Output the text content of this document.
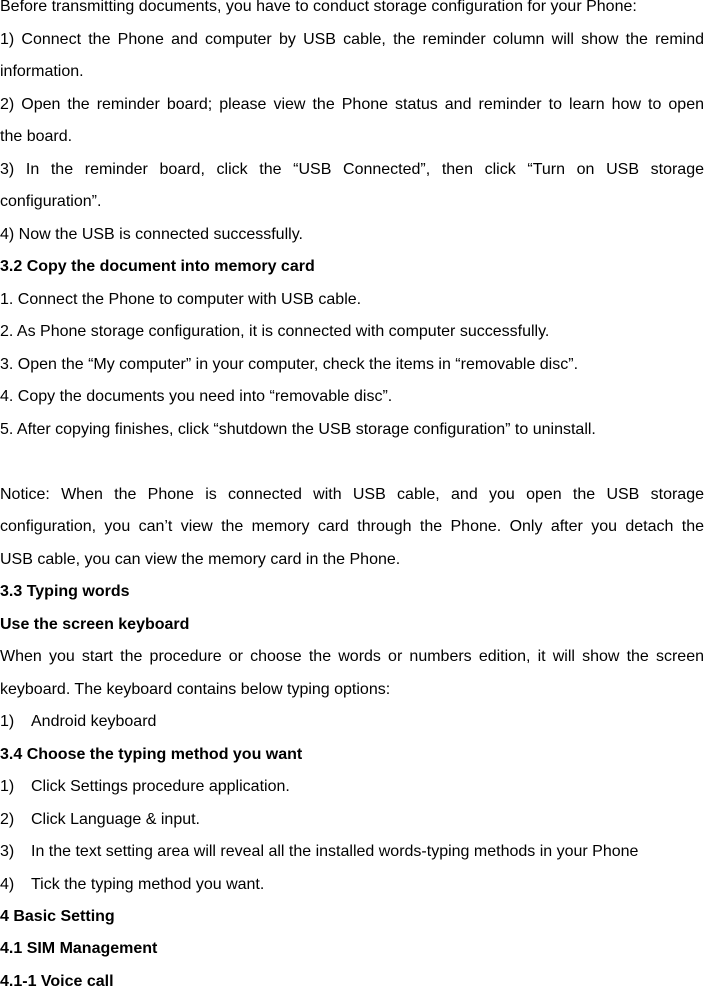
Before transmitting documents, you have to conduct storage configuration for your Phone:

1) Connect the Phone and computer by USB cable, the reminder column will show the remind

information.

2) Open the reminder board; please view the Phone status and reminder to learn how to open

the board.

3) In the reminder board, click the “USB Connected”, then click “Turn on USB storage

configuration”.

4) Now the USB is connected successfully.

3.2 Copy the document into memory card

1. Connect the Phone to computer with USB cable.

2. As Phone storage configuration, it is connected with computer successfully.

3. Open the “My computer” in your computer, check the items in “removable disc”.

4. Copy the documents you need into “removable disc”.

5. After copying finishes, click “shutdown the USB storage configuration” to uninstall.

Notice: When the Phone is connected with USB cable, and you open the USB storage

configuration, you can’t view the memory card through the Phone. Only after you detach the

USB cable, you can view the memory card in the Phone.

3.3 Typing words

Use the screen keyboard

When you start the procedure or choose the words or numbers edition, it will show the screen

keyboard. The keyboard contains below typing options:

1) Android keyboard

3.4 Choose the typing method you want

1) Click Settings procedure application.

2) Click Language & input.

3) In the text setting area will reveal all the installed words-typing methods in your Phone

4) Tick the typing method you want.

4 Basic Setting

4.1 SIM Management

4.1-1 Voice call
